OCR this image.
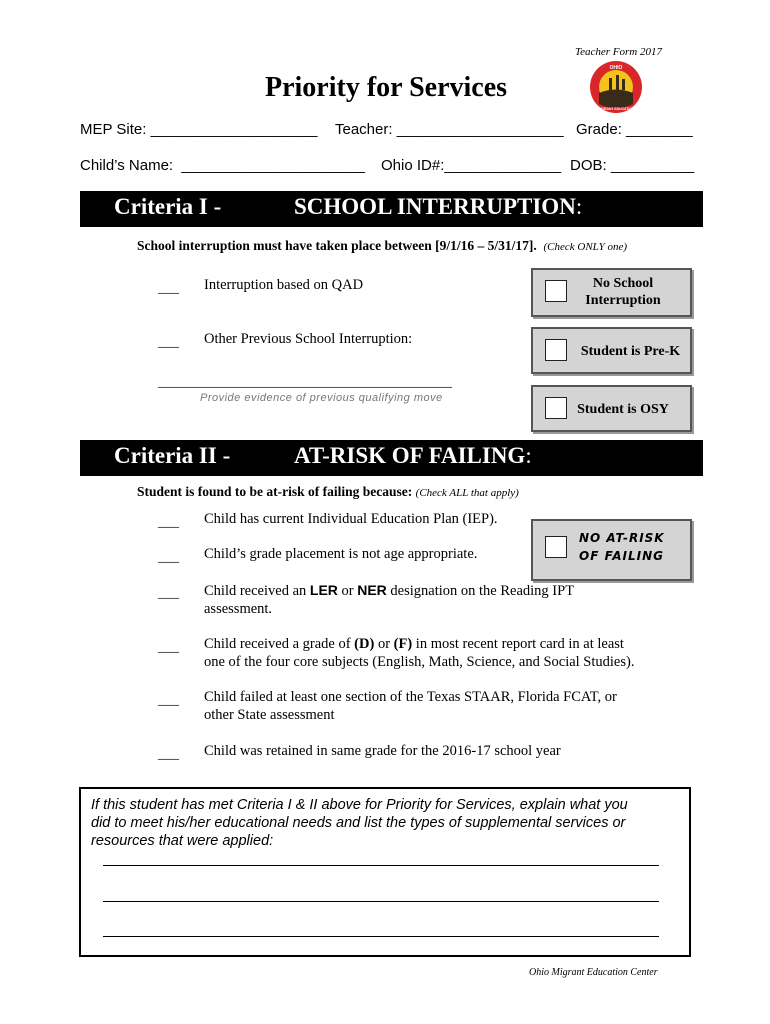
Teacher Form 2017
Priority for Services
OHIO
MIGRANT EDUCATION
MEP Site: ____________________ Teacher: ____________________ Grade: ________
Child’s Name:  ______________________ Ohio ID#:______________ DOB: __________
Criteria I -	SCHOOL INTERRUPTION:
School interruption must have taken place between [9/1/16 – 5/31/17]. (Check ONLY one)
___ Interruption based on QAD
___ Other Previous School Interruption:
__________________________________________
Provide evidence of previous qualifying move
No School
Interruption
Student is Pre-K
Student is OSY
Criteria II -	AT-RISK OF FAILING:
Student is found to be at-risk of failing because: (Check ALL that apply)
___ Child has current Individual Education Plan (IEP).
___ Child’s grade placement is not age appropriate.
___ Child received an LER or NER designation on the Reading IPT
assessment.
___ Child received a grade of (D) or (F) in most recent report card in at least
one of the four core subjects (English, Math, Science, and Social Studies).
___ Child failed at least one section of the Texas STAAR, Florida FCAT, or
other State assessment
___ Child was retained in same grade for the 2016-17 school year
NO AT-RISK
OF FAILING
If this student has met Criteria I & II above for Priority for Services, explain what you
did to meet his/her educational needs and list the types of supplemental services or
resources that were applied:
Ohio Migrant Education Center
